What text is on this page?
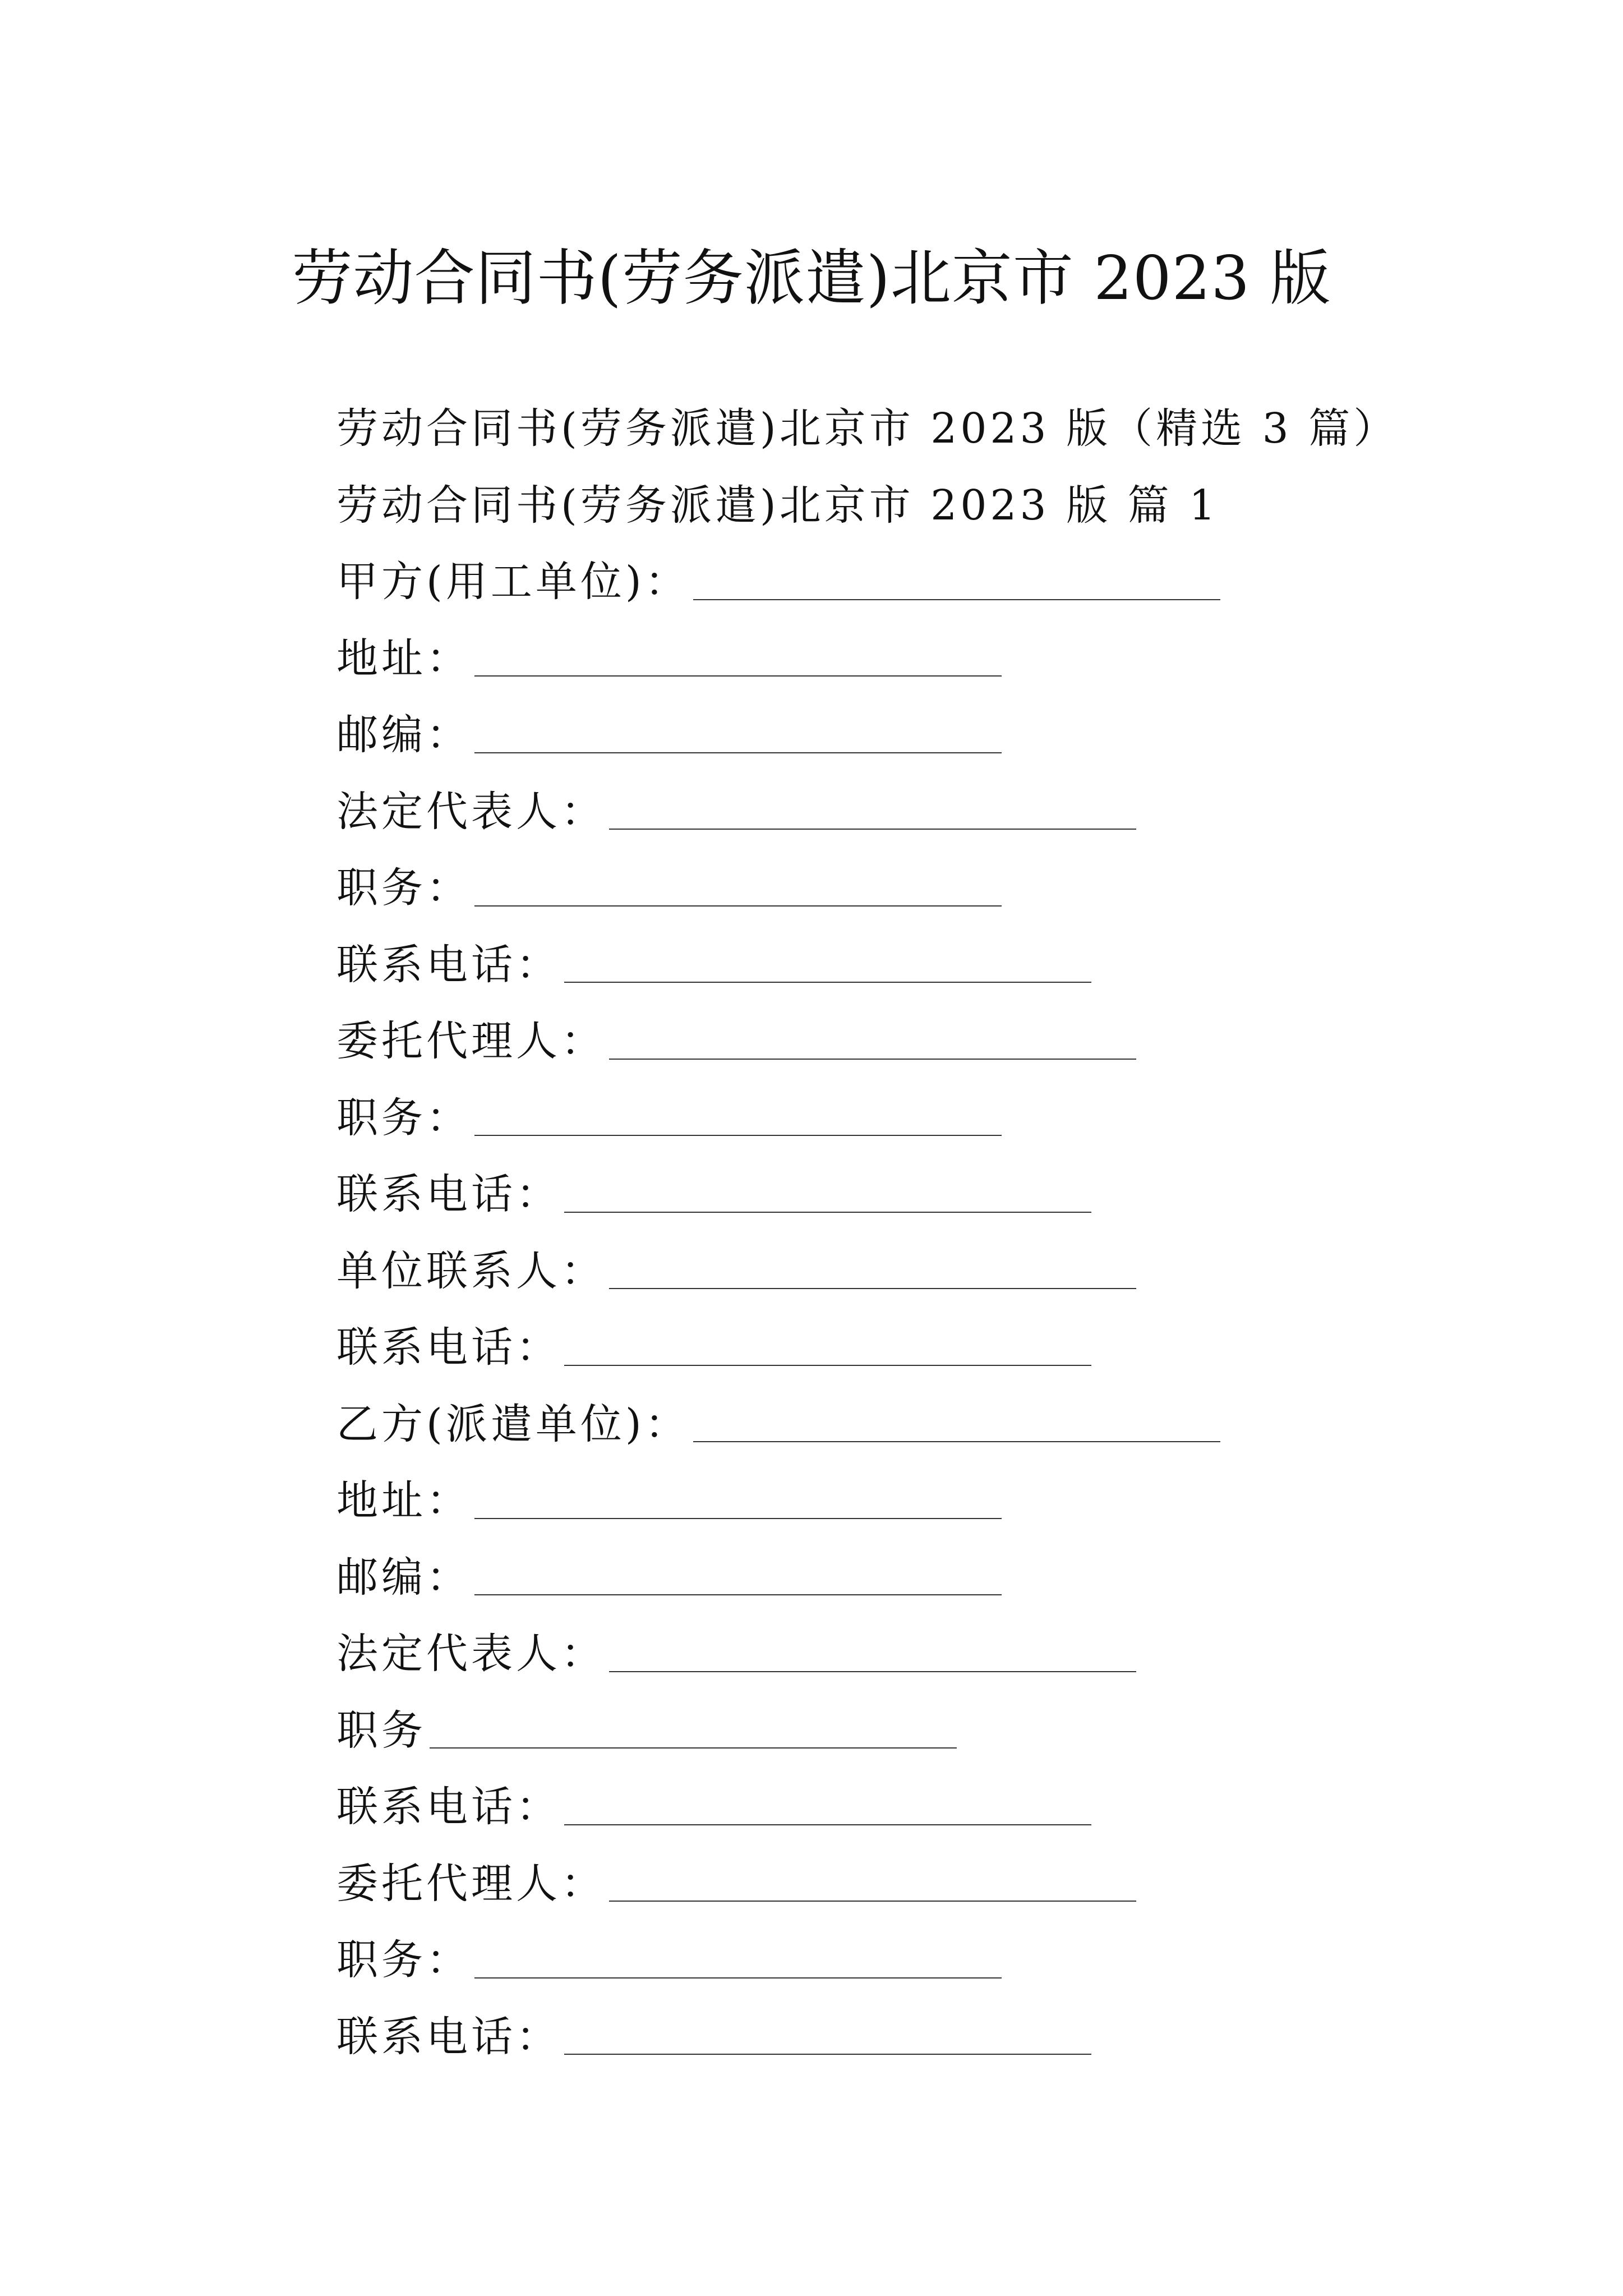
劳动合同书(劳务派遣)北京市 2023 版
劳动合同书(劳务派遣)北京市 2023 版（精选 3 篇）
劳动合同书(劳务派遣)北京市 2023 版 篇 1
甲方(用工单位)：
地址：
邮编：
法定代表人：
职务：
联系电话：
委托代理人：
职务：
联系电话：
单位联系人：
联系电话：
乙方(派遣单位)：
地址：
邮编：
法定代表人：
职务
联系电话：
委托代理人：
职务：
联系电话：
